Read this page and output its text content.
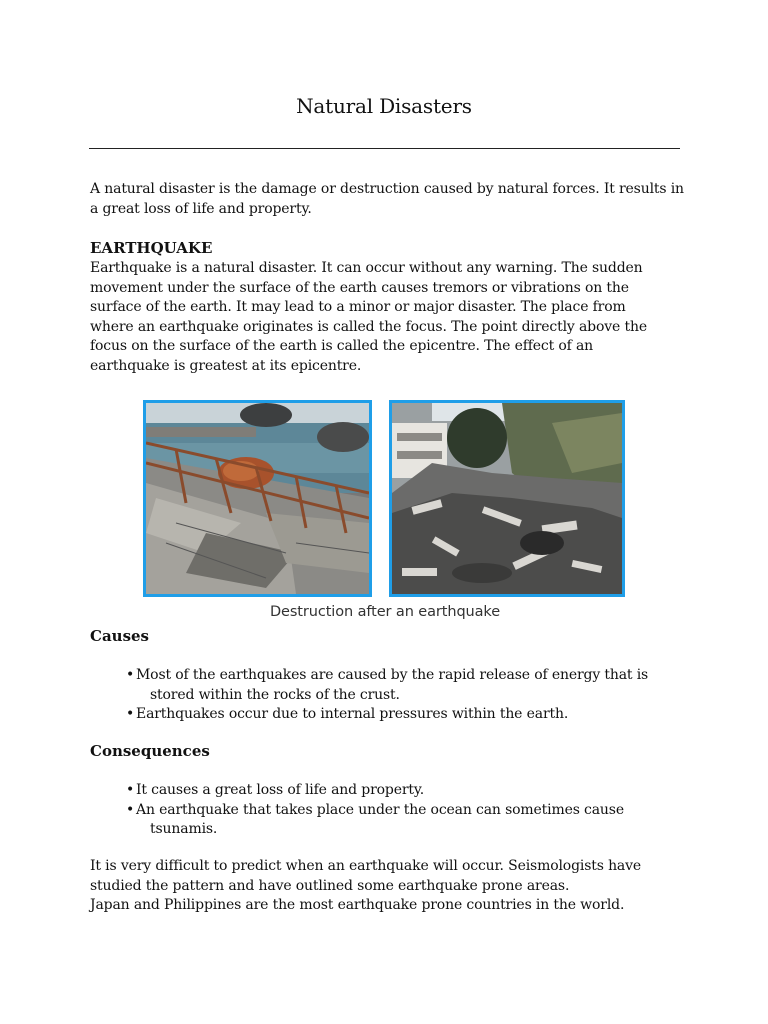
Natural Disasters
A natural disaster is the damage or destruction caused by natural forces. It results in a great loss of life and property.
EARTHQUAKE
Earthquake is a natural disaster. It can occur without any warning. The sudden movement under the surface of the earth causes tremors or vibrations on the surface of the earth. It may lead to a minor or major disaster. The place from where an earthquake originates is called the focus. The point directly above the focus on the surface of the earth is called the epicentre. The effect of an earthquake is greatest at its epicentre.
Destruction after an earthquake
Causes
• Most of the earthquakes are caused by the rapid release of energy that is
stored within the rocks of the crust.
• Earthquakes occur due to internal pressures within the earth.
Consequences
• It causes a great loss of life and property.
• An earthquake that takes place under the ocean can sometimes cause
tsunamis.
It is very difficult to predict when an earthquake will occur. Seismologists have studied the pattern and have outlined some earthquake prone areas.
Japan and Philippines are the most earthquake prone countries in the world.
